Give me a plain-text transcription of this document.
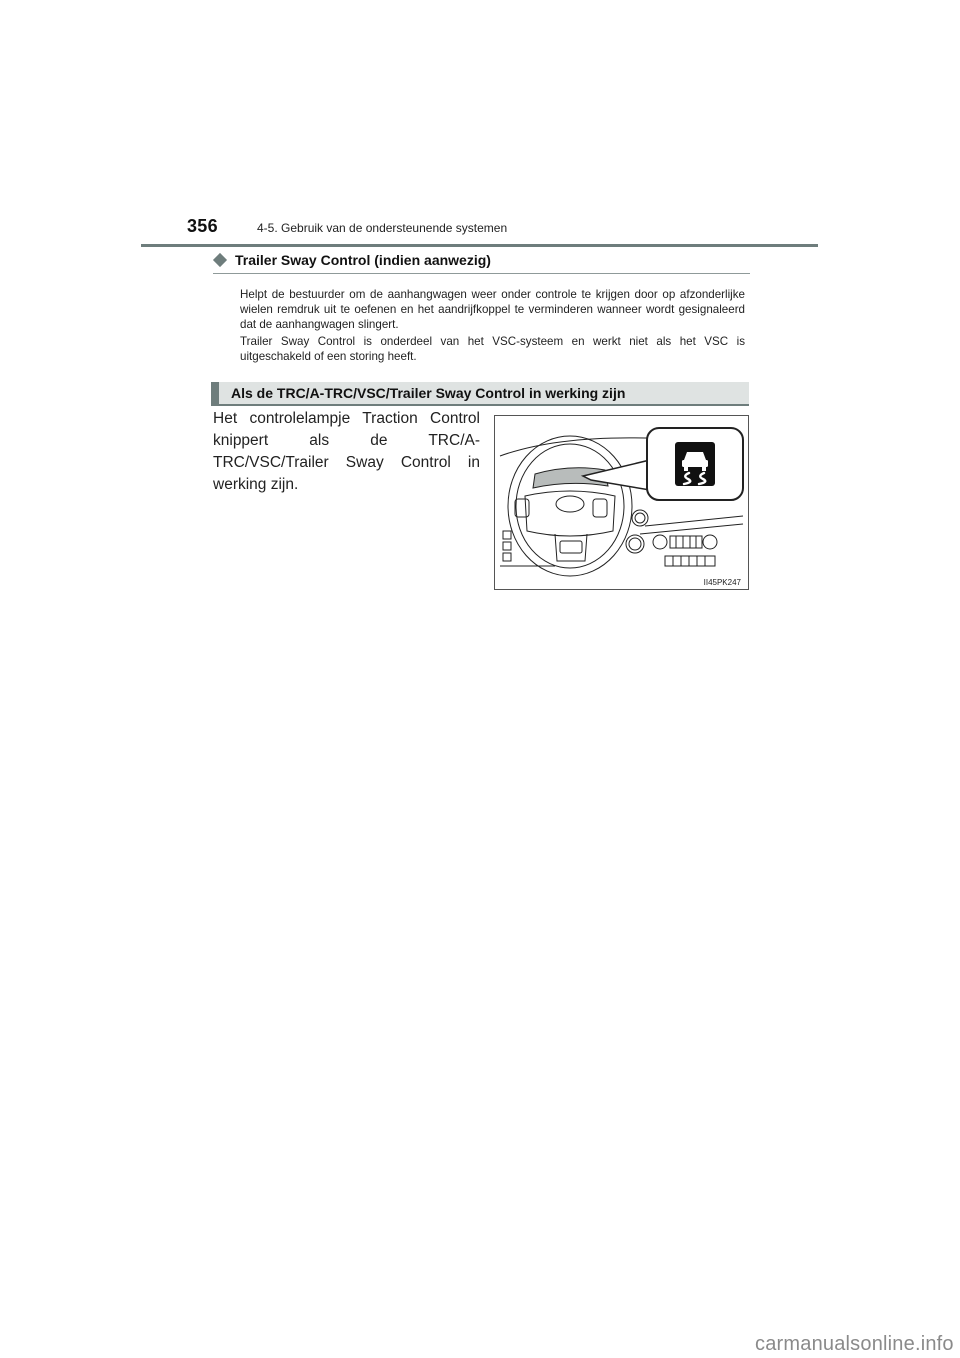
356	4-5. Gebruik van de ondersteunende systemen
Trailer Sway Control (indien aanwezig)

Helpt de bestuurder om de aanhangwagen weer onder controle te krijgen door op afzonderlijke wielen remdruk uit te oefenen en het aandrijfkoppel te verminderen wanneer wordt gesignaleerd dat de aanhangwagen slingert.

Trailer Sway Control is onderdeel van het VSC-systeem en werkt niet als het VSC is uitgeschakeld of een storing heeft.

Als de TRC/A-TRC/VSC/Trailer Sway Control in werking zijn

Het controlelampje Traction Control knippert als de TRC/A-TRC/VSC/Trailer Sway Control in werking zijn.

II45PK247
carmanualsonline.info
